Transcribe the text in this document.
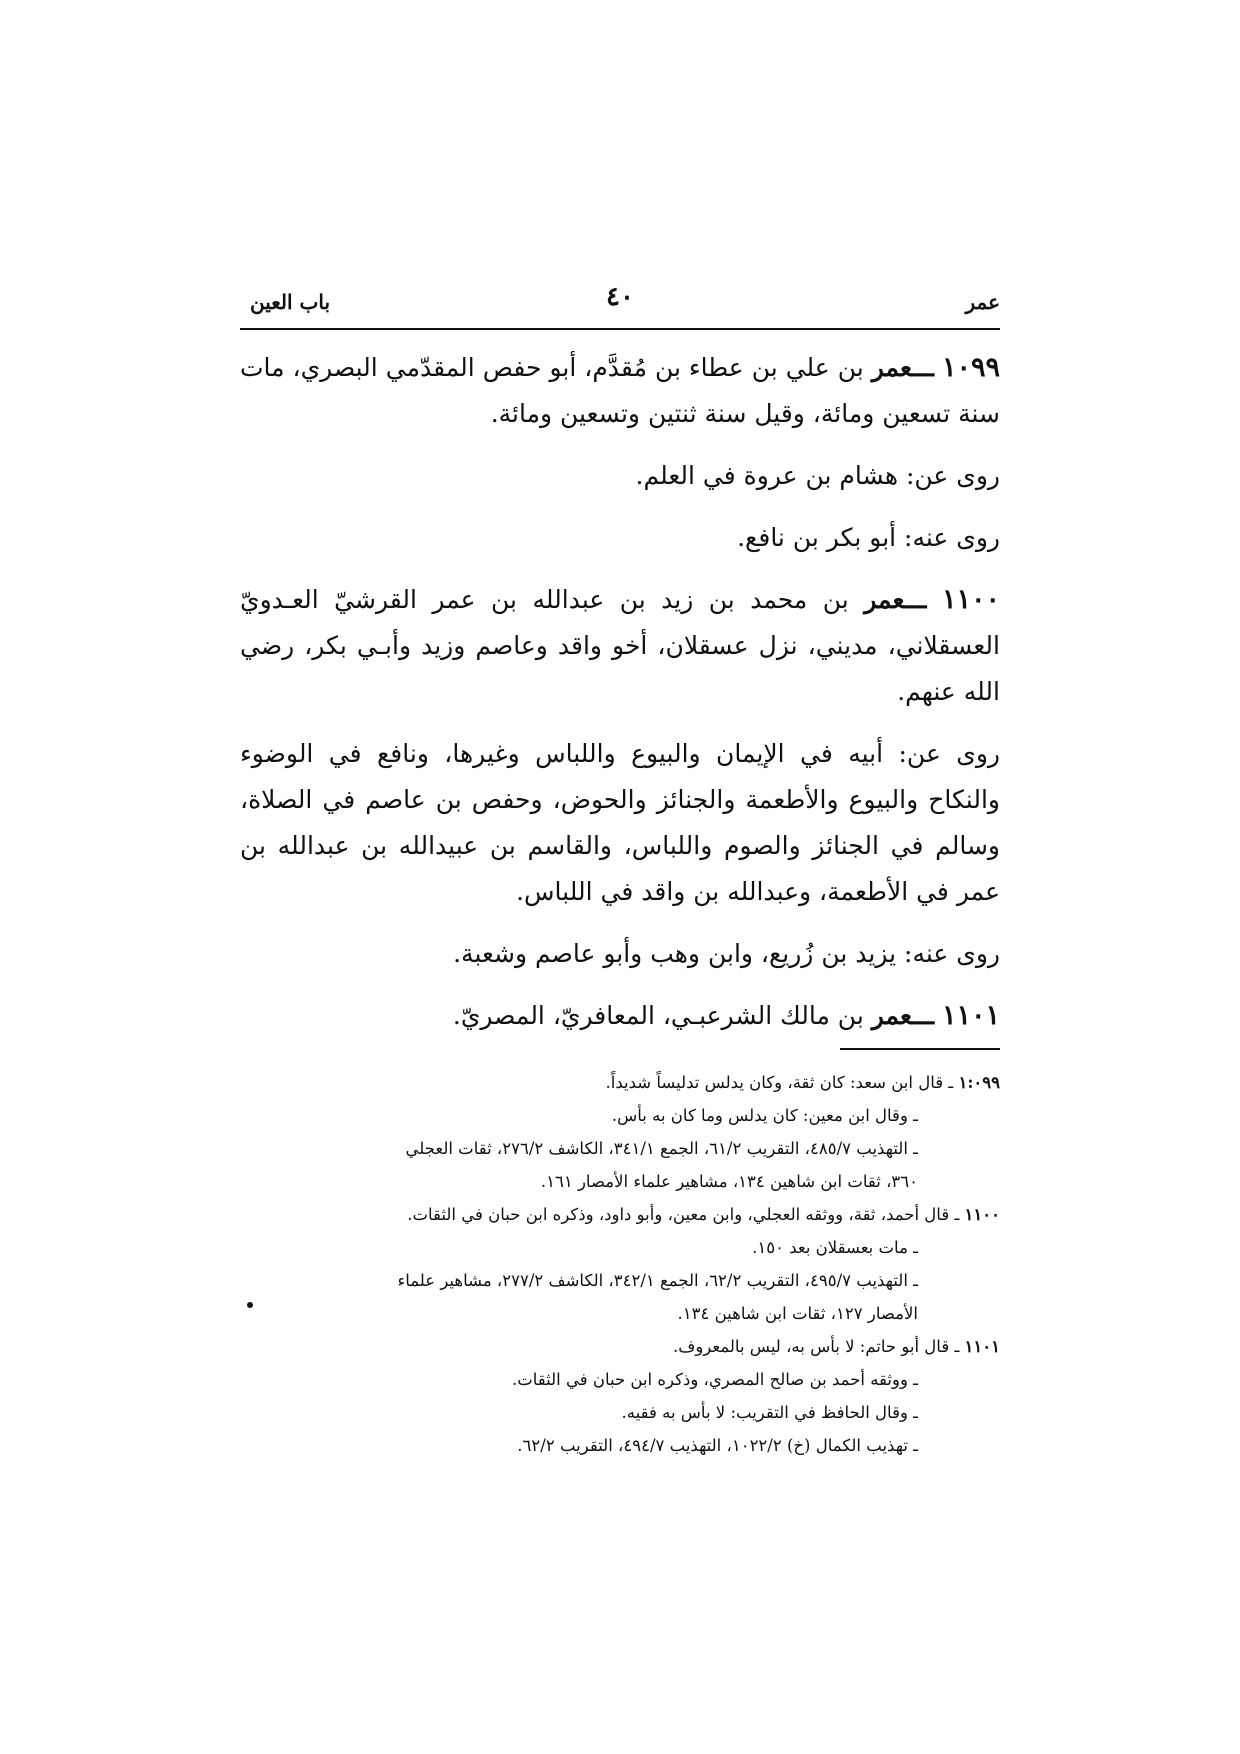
عمر
٤٠
باب العين

١٠٩٩ ـــعمر بن علي بن عطاء بن مُقدَّم، أبو حفص المقدّمي البصري، مات سنة تسعين ومائة، وقيل سنة ثنتين وتسعين ومائة.

روى عن: هشام بن عروة في العلم.

روى عنه: أبو بكر بن نافع.

١١٠٠ ـــعمر بن محمد بن زيد بن عبدالله بن عمر القرشيّ العـدويّ العسقلاني، مديني، نزل عسقلان، أخو واقد وعاصم وزيد وأبـي بكر، رضي الله عنهم.

روى عن: أبيه في الإيمان والبيوع واللباس وغيرها، ونافع في الوضوء والنكاح والبيوع والأطعمة والجنائز والحوض، وحفص بن عاصم في الصلاة، وسالم في الجنائز والصوم واللباس، والقاسم بن عبيدالله بن عبدالله بن عمر في الأطعمة، وعبدالله بن واقد في اللباس.

روى عنه: يزيد بن زُريع، وابن وهب وأبو عاصم وشعبة.

١١٠١ ـــعمر بن مالك الشرعبـي، المعافريّ، المصريّ.

١:٠٩٩ ـ قال ابن سعد: كان ثقة، وكان يدلس تدليساً شديداً.
ـ وقال ابن معين: كان يدلس وما كان به بأس.
ـ التهذيب ٤٨٥/٧، التقريب ٦١/٢، الجمع ٣٤١/١، الكاشف ٢٧٦/٢، ثقات العجلي
٣٦٠، ثقات ابن شاهين ١٣٤، مشاهير علماء الأمصار ١٦١.
١١٠٠ ـ قال أحمد، ثقة، ووثقه العجلي، وابن معين، وأبو داود، وذكره ابن حبان في الثقات.
ـ مات بعسقلان بعد ١٥٠.
ـ التهذيب ٤٩٥/٧، التقريب ٦٢/٢، الجمع ٣٤٢/١، الكاشف ٢٧٧/٢، مشاهير علماء
الأمصار ١٢٧، ثقات ابن شاهين ١٣٤.
١١٠١ ـ قال أبو حاتم: لا بأس به، ليس بالمعروف.
ـ ووثقه أحمد بن صالح المصري، وذكره ابن حبان في الثقات.
ـ وقال الحافظ في التقريب: لا بأس به فقيه.
ـ تهذيب الكمال (خ) ١٠٢٢/٢، التهذيب ٤٩٤/٧، التقريب ٦٢/٢.
